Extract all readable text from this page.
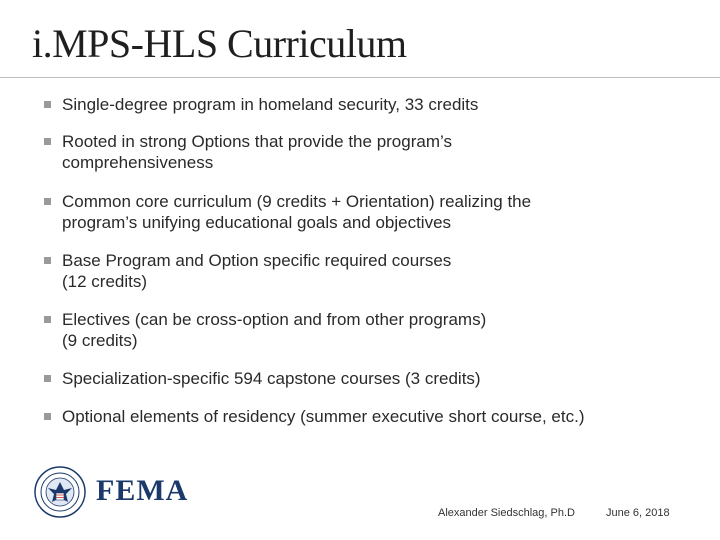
i.MPS-HLS Curriculum
Single-degree program in homeland security, 33 credits
Rooted in strong Options that provide the program’s
comprehensiveness
Common core curriculum (9 credits + Orientation) realizing the
program’s unifying educational goals and objectives
Base Program and Option specific required courses
(12 credits)
Electives (can be cross-option and from other programs)
(9 credits)
Specialization-specific 594 capstone courses (3 credits)
Optional elements of residency (summer executive short course, etc.)
FEMA
Alexander Siedschlag, Ph.D	June 6, 2018
